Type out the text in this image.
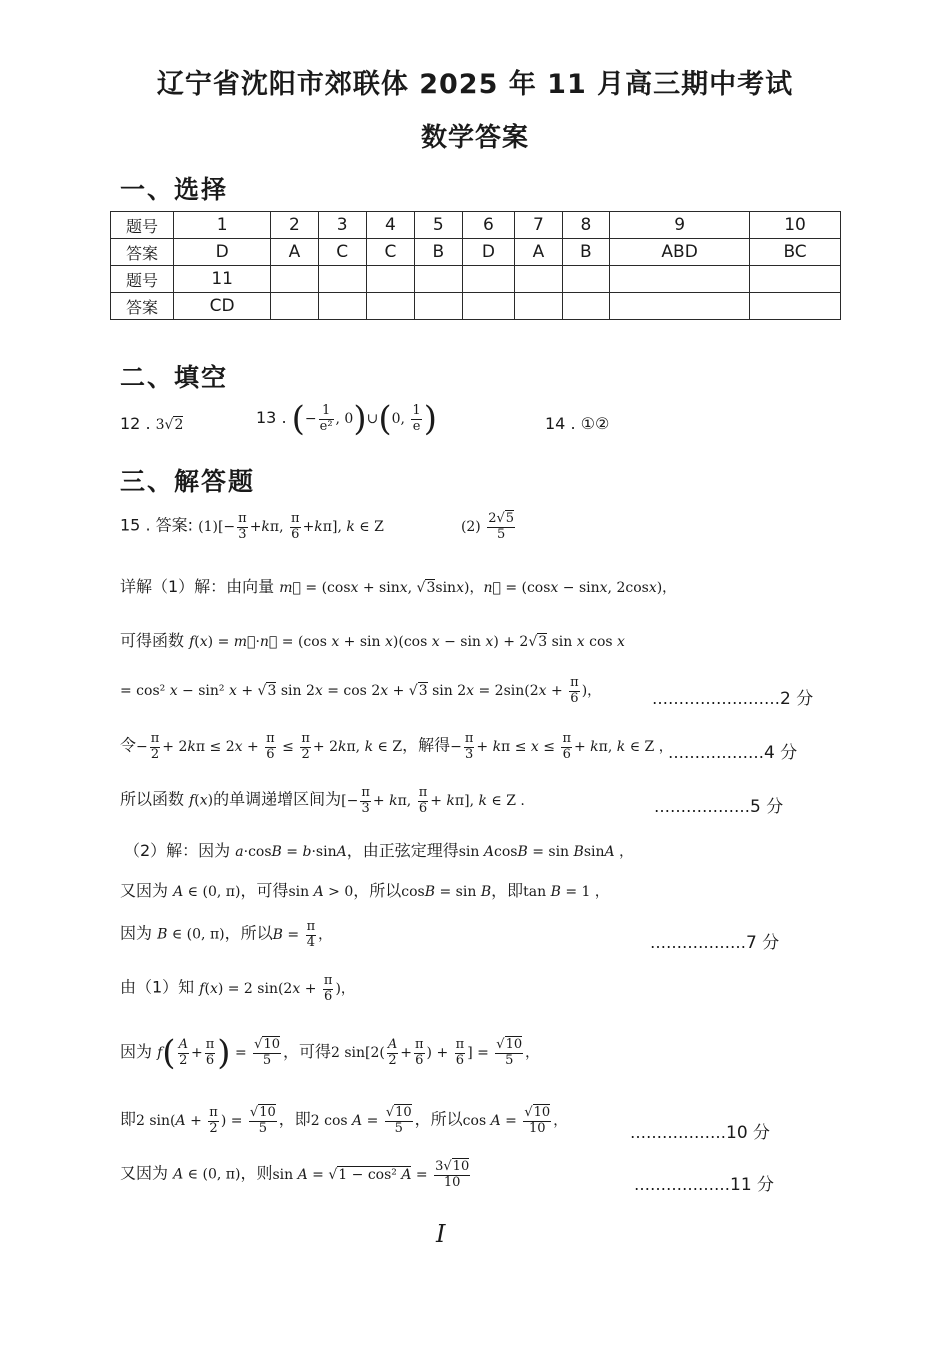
辽宁省沈阳市郊联体 2025 年 11 月高三期中考试
数学答案
一、选择
题号	1	2	3	4	5	6	7	8	9	10
答案	D	A	C	C	B	D	A	B	ABD	BC
题号	11									
答案	CD									
二、填空
12 . 3√2	13 . (− $\frac{1}{\text{e²}}$ , 0)∪(0, $\frac{1}{e}$ )	14 . ①②
三、解答题
15 . 答案: $(1)[- \frac{\pi}{3} +k\pi$, $\frac{\pi}{6} +k\pi$], k ∈ Z	$(2) \frac{2√5}{5}$
详解（1）解：由向量 m⃗ = (cosx + sinx, √3sinx)，n⃗ = (cosx − sinx, 2cosx)，
可得函数 f(x) = m⃗·n⃗ = (cos x + sin x)(cos x − sin x) + 2√3 sin x cos x
= cos² x − sin² x + √3 sin 2x = cos 2x + √3 $\sin 2x = 2\sin(2x + \frac{\pi}{6}$ )，	……………………2 分
令− $\frac{\pi}{2} + 2k\pi \le 2x + \frac{\pi}{6} \le \frac{\pi}{2} + 2k\pi$, k ∈ Z，解得− $\frac{\pi}{3} + k\pi \le x \le \frac{\pi}{6} + k\pi$, k ∈ Z ，
………………4 分
所以函数 f(x)的单调递增区间为[− $\frac{\pi}{3} + k\pi$, $\frac{\pi}{6} + k\pi$], k ∈ Z .	………………5 分
（2）解：因为 a·cosB = b·sinA，由正弦定理得sin AcosB = sin BsinA ，
又因为 A ∈ (0, π)，可得sin A > 0，所以cosB = sin B，即tan B = 1 ，
因为 B ∈ (0, π)，所以$B = \frac{\pi}{4}$ ，	………………7 分
由（1）知 f(x) = 2 $\sin(2x + \frac{\pi}{6}$ )，
因为 $f( \frac{A}{2} + \frac{\pi}{6}$ ) = $\frac{√10}{5}$ ，可得2 $\sin[2( \frac{A}{2} + \frac{\pi}{6}$ ) + $\frac{\pi}{6}$ ] = $\frac{√10}{5}$ ，
即2 $\sin(A + \frac{\pi}{2}$ ) = $\frac{√10}{5}$ ，即2 $\cos A = \frac{√10}{5}$ ，所以$\cos A = \frac{√10}{10}$ ，
………………10 分
又因为 A ∈ (0, π)，则sin A = √1 − cos² $A = \frac{3√10}{10}$	………………11 分
I
